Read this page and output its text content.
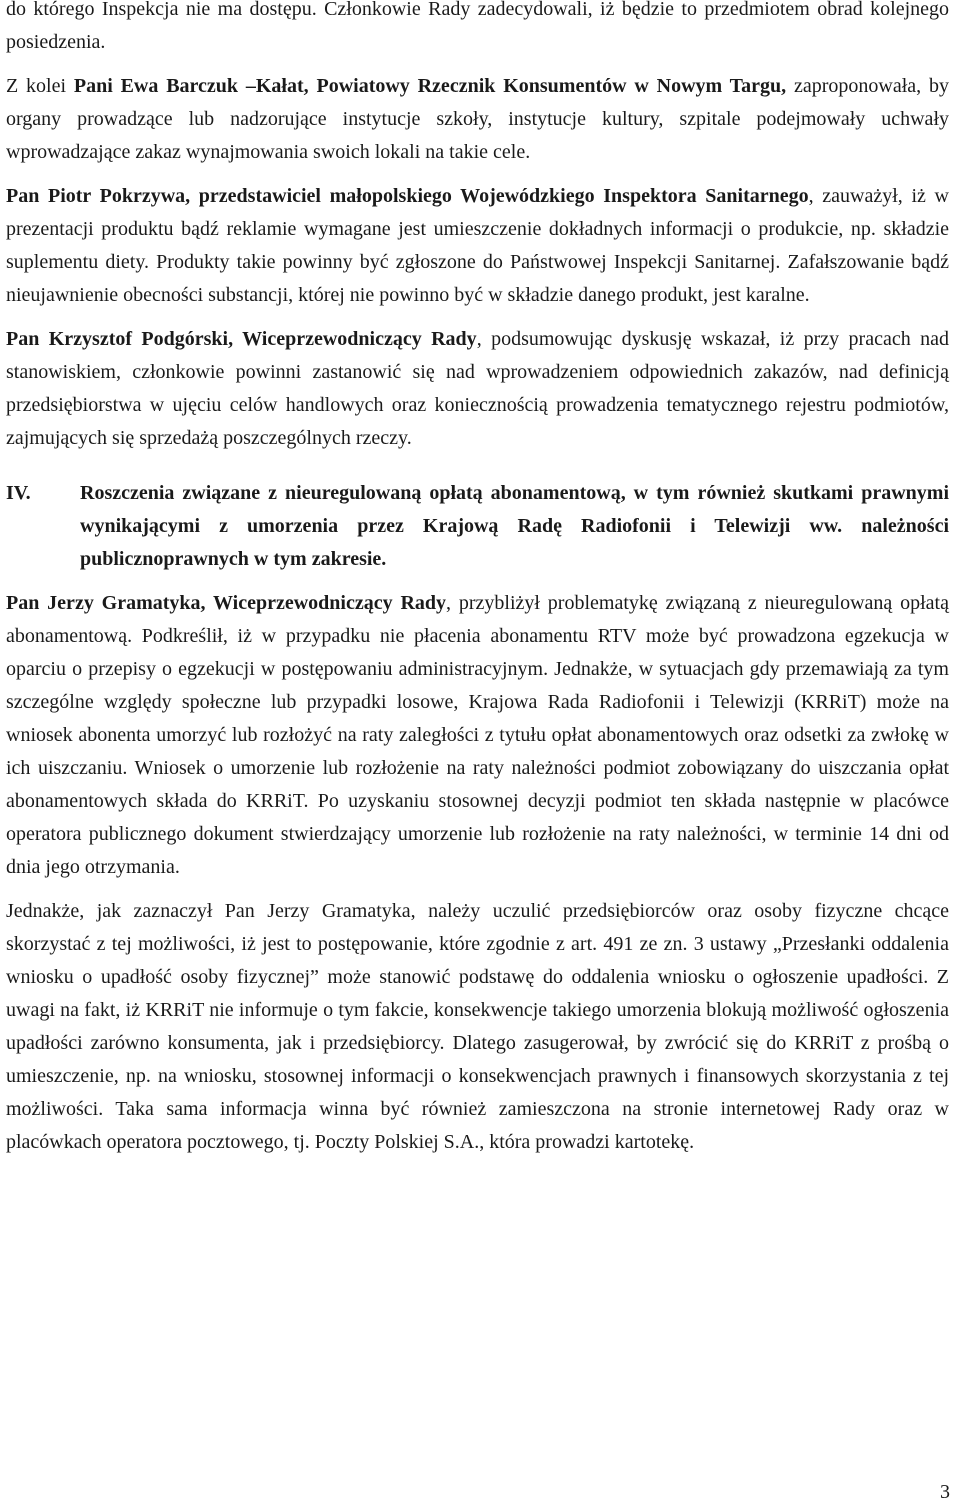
do którego Inspekcja nie ma dostępu. Członkowie Rady zadecydowali, iż będzie to przedmiotem obrad kolejnego posiedzenia.

Z kolei Pani Ewa Barczuk –Kałat, Powiatowy Rzecznik Konsumentów w Nowym Targu, zaproponowała, by organy prowadzące lub nadzorujące instytucje szkoły, instytucje kultury, szpitale podejmowały uchwały wprowadzające zakaz wynajmowania swoich lokali na takie cele.

Pan Piotr Pokrzywa, przedstawiciel małopolskiego Wojewódzkiego Inspektora Sanitarnego, zauważył, iż w prezentacji produktu bądź reklamie wymagane jest umieszczenie dokładnych informacji o produkcie, np. składzie suplementu diety. Produkty takie powinny być zgłoszone do Państwowej Inspekcji Sanitarnej. Zafałszowanie bądź nieujawnienie obecności substancji, której nie powinno być w składzie danego produkt, jest karalne.

Pan Krzysztof Podgórski, Wiceprzewodniczący Rady, podsumowując dyskusję wskazał, iż przy pracach nad stanowiskiem, członkowie powinni zastanowić się nad wprowadzeniem odpowiednich zakazów, nad definicją przedsiębiorstwa w ujęciu celów handlowych oraz koniecznością prowadzenia tematycznego rejestru podmiotów, zajmujących się sprzedażą poszczególnych rzeczy.

IV.	Roszczenia związane z nieuregulowaną opłatą abonamentową, w tym również skutkami prawnymi wynikającymi z umorzenia przez Krajową Radę Radiofonii i Telewizji ww. należności publicznoprawnych w tym zakresie.

Pan Jerzy Gramatyka, Wiceprzewodniczący Rady, przybliżył problematykę związaną z nieuregulowaną opłatą abonamentową. Podkreślił, iż w przypadku nie płacenia abonamentu RTV może być prowadzona egzekucja w oparciu o przepisy o egzekucji w postępowaniu administracyjnym. Jednakże, w sytuacjach gdy przemawiają za tym szczególne względy społeczne lub przypadki losowe, Krajowa Rada Radiofonii i Telewizji (KRRiT) może na wniosek abonenta umorzyć lub rozłożyć na raty zaległości z tytułu opłat abonamentowych oraz odsetki za zwłokę w ich uiszczaniu. Wniosek o umorzenie lub rozłożenie na raty należności podmiot zobowiązany do uiszczania opłat abonamentowych składa do KRRiT. Po uzyskaniu stosownej decyzji podmiot ten składa następnie w placówce operatora publicznego dokument stwierdzający umorzenie lub rozłożenie na raty należności, w terminie 14 dni od dnia jego otrzymania.

Jednakże, jak zaznaczył Pan Jerzy Gramatyka, należy uczulić przedsiębiorców oraz osoby fizyczne chcące skorzystać z tej możliwości, iż jest to postępowanie, które zgodnie z art. 491 ze zn. 3 ustawy „Przesłanki oddalenia wniosku o upadłość osoby fizycznej” może stanowić podstawę do oddalenia wniosku o ogłoszenie upadłości. Z uwagi na fakt, iż KRRiT nie informuje o tym fakcie, konsekwencje takiego umorzenia blokują możliwość ogłoszenia upadłości zarówno konsumenta, jak i przedsiębiorcy. Dlatego zasugerował, by zwrócić się do KRRiT z prośbą o umieszczenie, np. na wniosku, stosownej informacji o konsekwencjach prawnych i finansowych skorzystania z tej możliwości. Taka sama informacja winna być również zamieszczona na stronie internetowej Rady oraz w placówkach operatora pocztowego, tj. Poczty Polskiej S.A., która prowadzi kartotekę.

3
